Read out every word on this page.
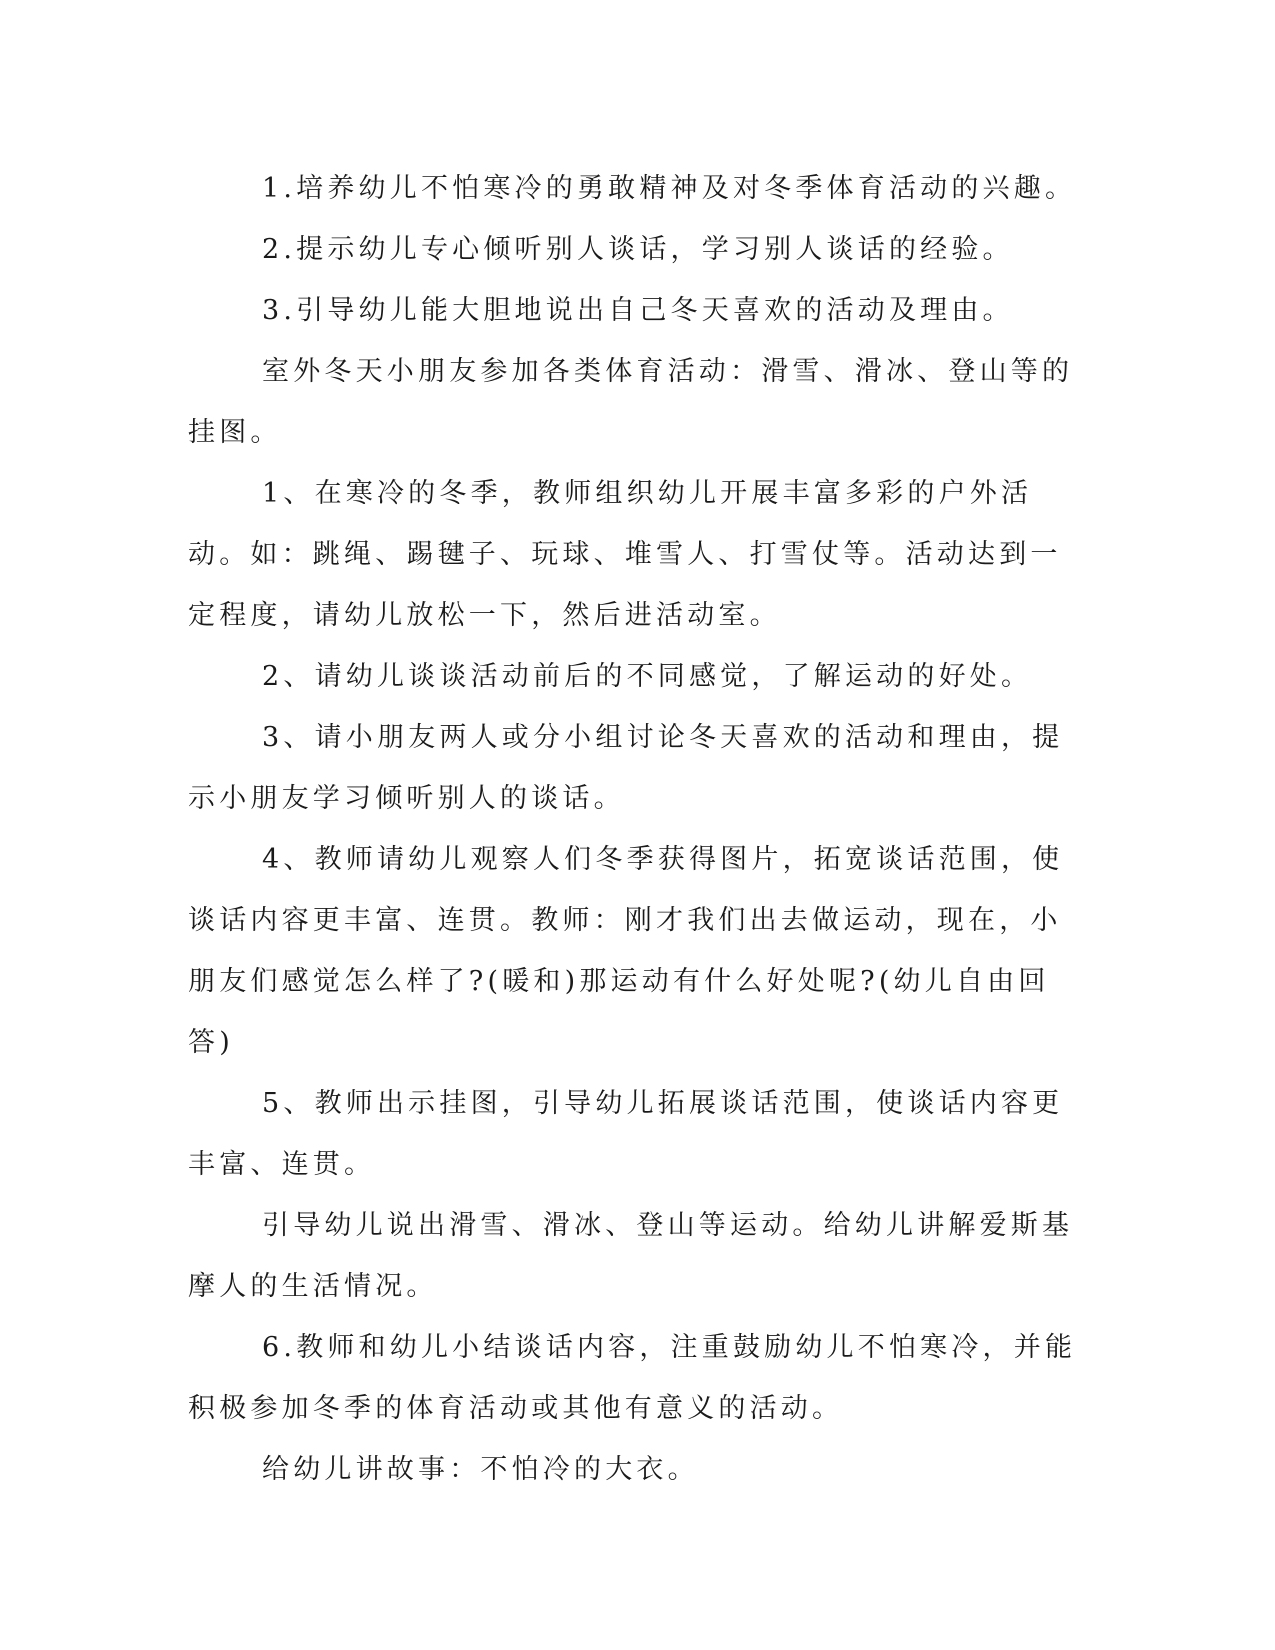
1.培养幼儿不怕寒冷的勇敢精神及对冬季体育活动的兴趣。

2.提示幼儿专心倾听别人谈话，学习别人谈话的经验。

3.引导幼儿能大胆地说出自己冬天喜欢的活动及理由。

室外冬天小朋友参加各类体育活动：滑雪、滑冰、登山等的挂图。

1、在寒冷的冬季，教师组织幼儿开展丰富多彩的户外活动。如：跳绳、踢毽子、玩球、堆雪人、打雪仗等。活动达到一定程度，请幼儿放松一下，然后进活动室。

2、请幼儿谈谈活动前后的不同感觉，了解运动的好处。

3、请小朋友两人或分小组讨论冬天喜欢的活动和理由，提示小朋友学习倾听别人的谈话。

4、教师请幼儿观察人们冬季获得图片，拓宽谈话范围，使谈话内容更丰富、连贯。教师：刚才我们出去做运动，现在，小朋友们感觉怎么样了?(暖和)那运动有什么好处呢?(幼儿自由回答)

5、教师出示挂图，引导幼儿拓展谈话范围，使谈话内容更丰富、连贯。

引导幼儿说出滑雪、滑冰、登山等运动。给幼儿讲解爱斯基摩人的生活情况。

6.教师和幼儿小结谈话内容，注重鼓励幼儿不怕寒冷，并能积极参加冬季的体育活动或其他有意义的活动。

给幼儿讲故事：不怕冷的大衣。
